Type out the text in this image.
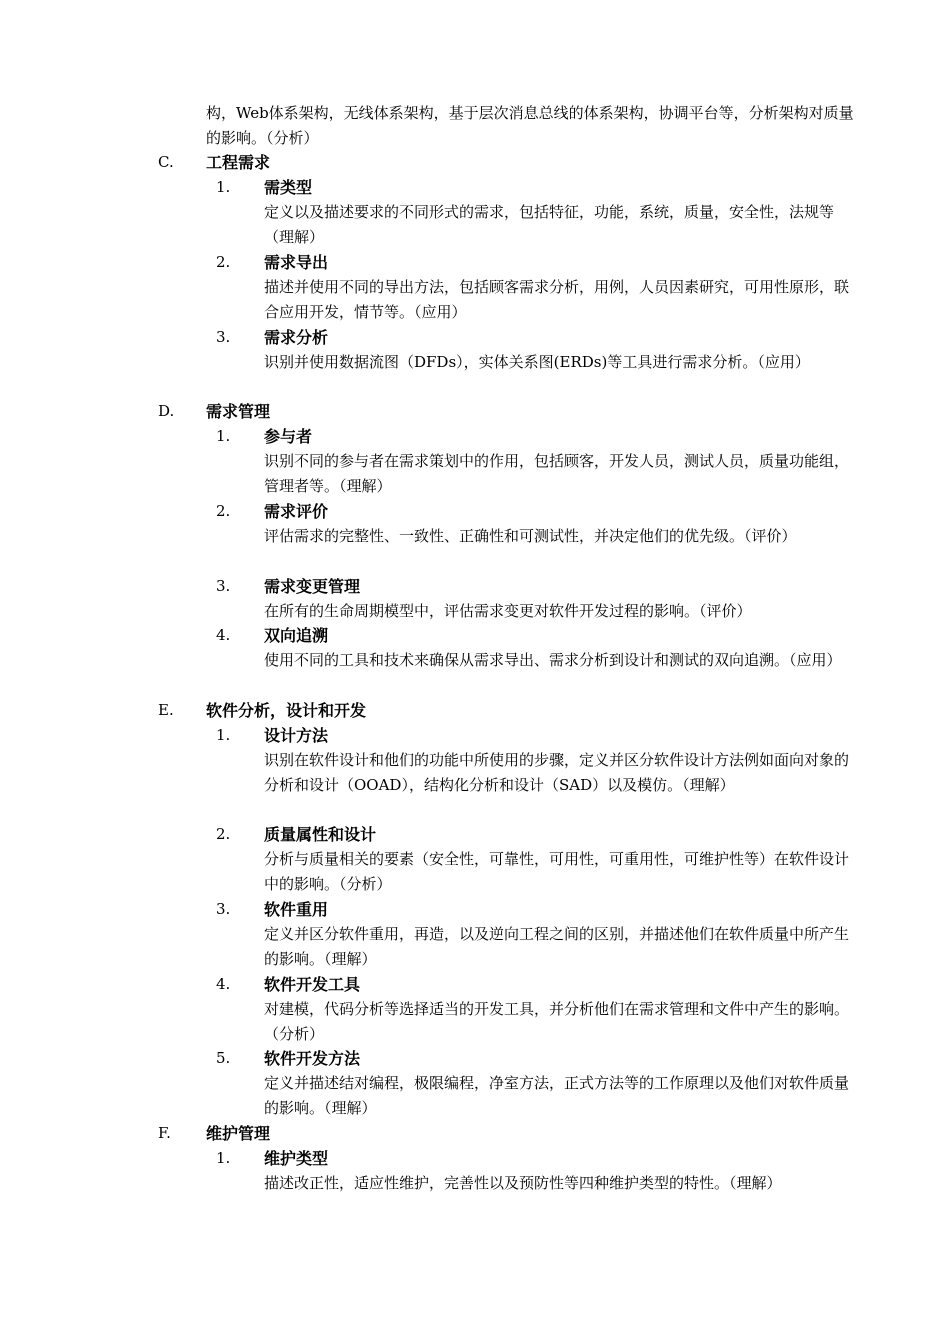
构，Web体系架构，无线体系架构，基于层次消息总线的体系架构，协调平台等，分析架构对质量的影响。（分析）
C. 工程需求
1. 需类型
定义以及描述要求的不同形式的需求，包括特征，功能，系统，质量，安全性，法规等（理解）
2. 需求导出
描述并使用不同的导出方法，包括顾客需求分析，用例，人员因素研究，可用性原形，联合应用开发，情节等。（应用）
3. 需求分析
识别并使用数据流图（DFDs），实体关系图(ERDs)等工具进行需求分析。（应用）
D. 需求管理
1. 参与者
识别不同的参与者在需求策划中的作用，包括顾客，开发人员，测试人员，质量功能组，管理者等。（理解）
2. 需求评价
评估需求的完整性、一致性、正确性和可测试性，并决定他们的优先级。（评价）
3. 需求变更管理
在所有的生命周期模型中，评估需求变更对软件开发过程的影响。（评价）
4. 双向追溯
使用不同的工具和技术来确保从需求导出、需求分析到设计和测试的双向追溯。（应用）
E. 软件分析，设计和开发
1. 设计方法
识别在软件设计和他们的功能中所使用的步骤，定义并区分软件设计方法例如面向对象的分析和设计（OOAD），结构化分析和设计（SAD）以及模仿。（理解）
2. 质量属性和设计
分析与质量相关的要素（安全性，可靠性，可用性，可重用性，可维护性等）在软件设计中的影响。（分析）
3. 软件重用
定义并区分软件重用，再造，以及逆向工程之间的区别，并描述他们在软件质量中所产生的影响。（理解）
4. 软件开发工具
对建模，代码分析等选择适当的开发工具，并分析他们在需求管理和文件中产生的影响。（分析）
5. 软件开发方法
定义并描述结对编程，极限编程，净室方法，正式方法等的工作原理以及他们对软件质量的影响。（理解）
F. 维护管理
1. 维护类型
描述改正性，适应性维护，完善性以及预防性等四种维护类型的特性。（理解）
